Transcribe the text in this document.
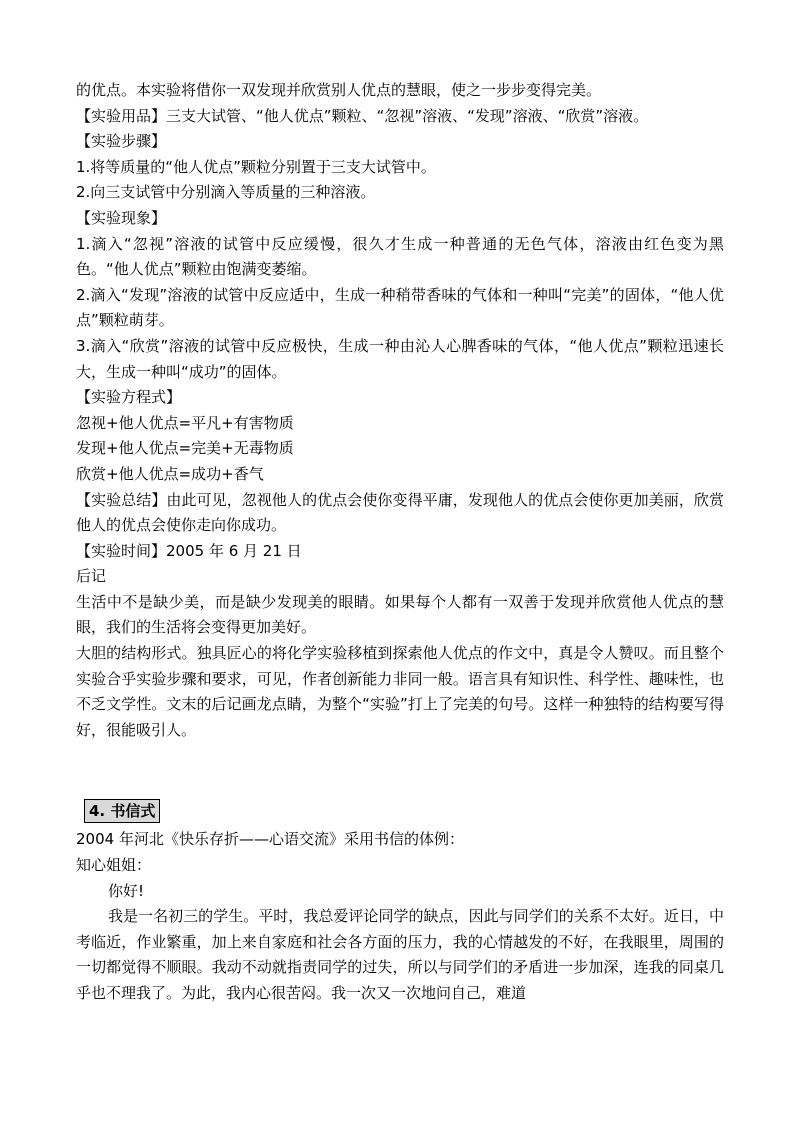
的优点。本实验将借你一双发现并欣赏别人优点的慧眼，使之一步步变得完美。

【实验用品】三支大试管、“他人优点”颗粒、“忽视”溶液、“发现”溶液、“欣赏”溶液。

【实验步骤】

1.将等质量的“他人优点”颗粒分别置于三支大试管中。

2.向三支试管中分别滴入等质量的三种溶液。

【实验现象】

1.滴入“忽视”溶液的试管中反应缓慢，很久才生成一种普通的无色气体，溶液由红色变为黑色。“他人优点”颗粒由饱满变萎缩。

2.滴入“发现”溶液的试管中反应适中，生成一种稍带香味的气体和一种叫“完美”的固体，“他人优点”颗粒萌芽。

3.滴入“欣赏”溶液的试管中反应极快，生成一种由沁人心脾香味的气体，“他人优点”颗粒迅速长大，生成一种叫“成功”的固体。

【实验方程式】

忽视+他人优点=平凡+有害物质

发现+他人优点=完美+无毒物质

欣赏+他人优点=成功+香气

【实验总结】由此可见，忽视他人的优点会使你变得平庸，发现他人的优点会使你更加美丽，欣赏他人的优点会使你走向你成功。

【实验时间】2005 年 6 月 21 日

后记

生活中不是缺少美，而是缺少发现美的眼睛。如果每个人都有一双善于发现并欣赏他人优点的慧眼，我们的生活将会变得更加美好。

大胆的结构形式。独具匠心的将化学实验移植到探索他人优点的作文中，真是令人赞叹。而且整个实验合乎实验步骤和要求，可见，作者创新能力非同一般。语言具有知识性、科学性、趣味性，也不乏文学性。文末的后记画龙点睛，为整个“实验”打上了完美的句号。这样一种独特的结构要写得好，很能吸引人。

4. 书信式

2004 年河北《快乐存折——心语交流》采用书信的体例：

知心姐姐：

你好!

我是一名初三的学生。平时，我总爱评论同学的缺点，因此与同学们的关系不太好。近日，中考临近，作业繁重，加上来自家庭和社会各方面的压力，我的心情越发的不好，在我眼里，周围的一切都觉得不顺眼。我动不动就指责同学的过失，所以与同学们的矛盾进一步加深，连我的同桌几乎也不理我了。为此，我内心很苦闷。我一次又一次地问自己，难道
